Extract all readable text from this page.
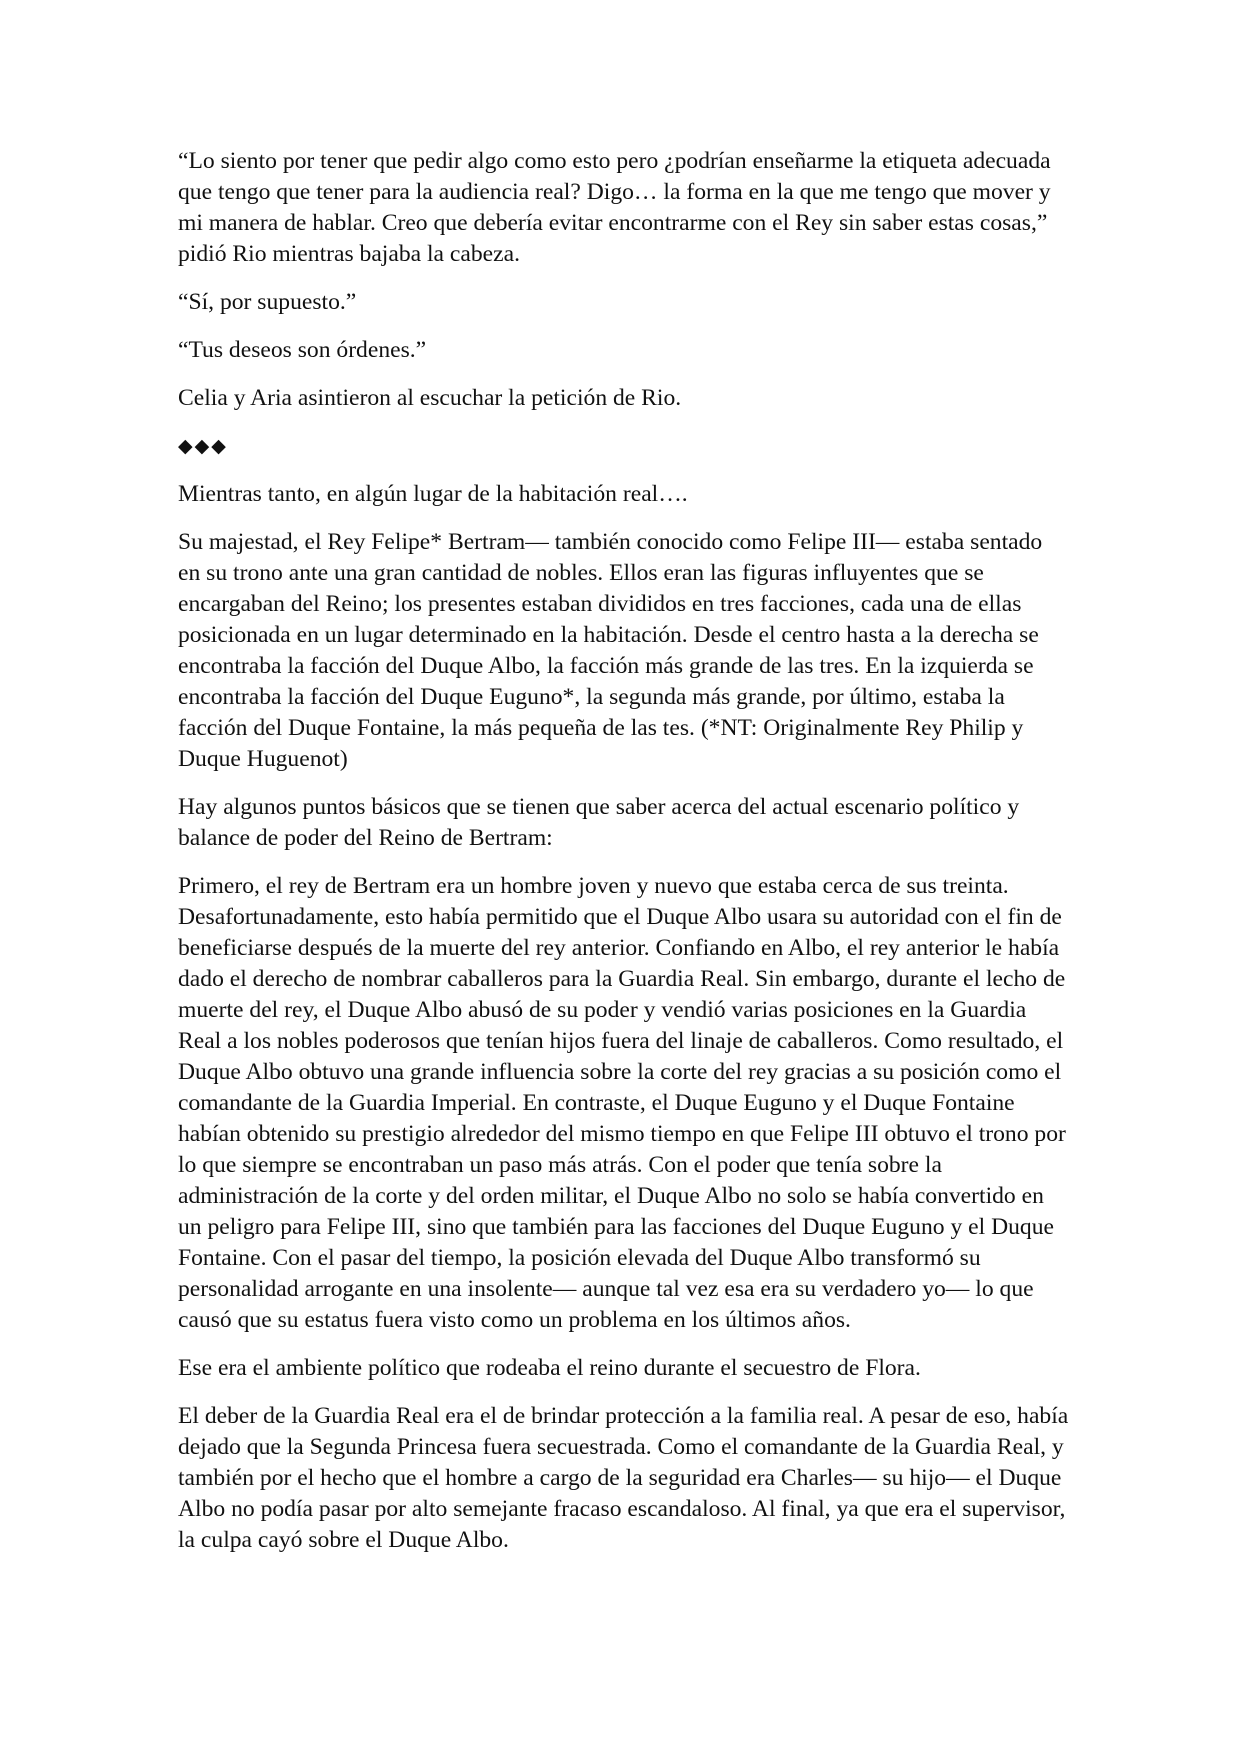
“Lo siento por tener que pedir algo como esto pero ¿podrían enseñarme la etiqueta adecuada que tengo que tener para la audiencia real? Digo… la forma en la que me tengo que mover y mi manera de hablar. Creo que debería evitar encontrarme con el Rey sin saber estas cosas,” pidió Rio mientras bajaba la cabeza.

“Sí, por supuesto.”

“Tus deseos son órdenes.”

Celia y Aria asintieron al escuchar la petición de Rio.

◆◆◆

Mientras tanto, en algún lugar de la habitación real….

Su majestad, el Rey Felipe* Bertram— también conocido como Felipe III— estaba sentado en su trono ante una gran cantidad de nobles. Ellos eran las figuras influyentes que se encargaban del Reino; los presentes estaban divididos en tres facciones, cada una de ellas posicionada en un lugar determinado en la habitación. Desde el centro hasta a la derecha se encontraba la facción del Duque Albo, la facción más grande de las tres. En la izquierda se encontraba la facción del Duque Euguno*, la segunda más grande, por último, estaba la facción del Duque Fontaine, la más pequeña de las tes. (*NT: Originalmente Rey Philip y Duque Huguenot)

Hay algunos puntos básicos que se tienen que saber acerca del actual escenario político y balance de poder del Reino de Bertram:

Primero, el rey de Bertram era un hombre joven y nuevo que estaba cerca de sus treinta. Desafortunadamente, esto había permitido que el Duque Albo usara su autoridad con el fin de beneficiarse después de la muerte del rey anterior. Confiando en Albo, el rey anterior le había dado el derecho de nombrar caballeros para la Guardia Real. Sin embargo, durante el lecho de muerte del rey, el Duque Albo abusó de su poder y vendió varias posiciones en la Guardia Real a los nobles poderosos que tenían hijos fuera del linaje de caballeros. Como resultado, el Duque Albo obtuvo una grande influencia sobre la corte del rey gracias a su posición como el comandante de la Guardia Imperial. En contraste, el Duque Euguno y el Duque Fontaine habían obtenido su prestigio alrededor del mismo tiempo en que Felipe III obtuvo el trono por lo que siempre se encontraban un paso más atrás. Con el poder que tenía sobre la administración de la corte y del orden militar, el Duque Albo no solo se había convertido en un peligro para Felipe III, sino que también para las facciones del Duque Euguno y el Duque Fontaine. Con el pasar del tiempo, la posición elevada del Duque Albo transformó su personalidad arrogante en una insolente— aunque tal vez esa era su verdadero yo— lo que causó que su estatus fuera visto como un problema en los últimos años.

Ese era el ambiente político que rodeaba el reino durante el secuestro de Flora.

El deber de la Guardia Real era el de brindar protección a la familia real. A pesar de eso, había dejado que la Segunda Princesa fuera secuestrada. Como el comandante de la Guardia Real, y también por el hecho que el hombre a cargo de la seguridad era Charles— su hijo— el Duque Albo no podía pasar por alto semejante fracaso escandaloso. Al final, ya que era el supervisor, la culpa cayó sobre el Duque Albo.
